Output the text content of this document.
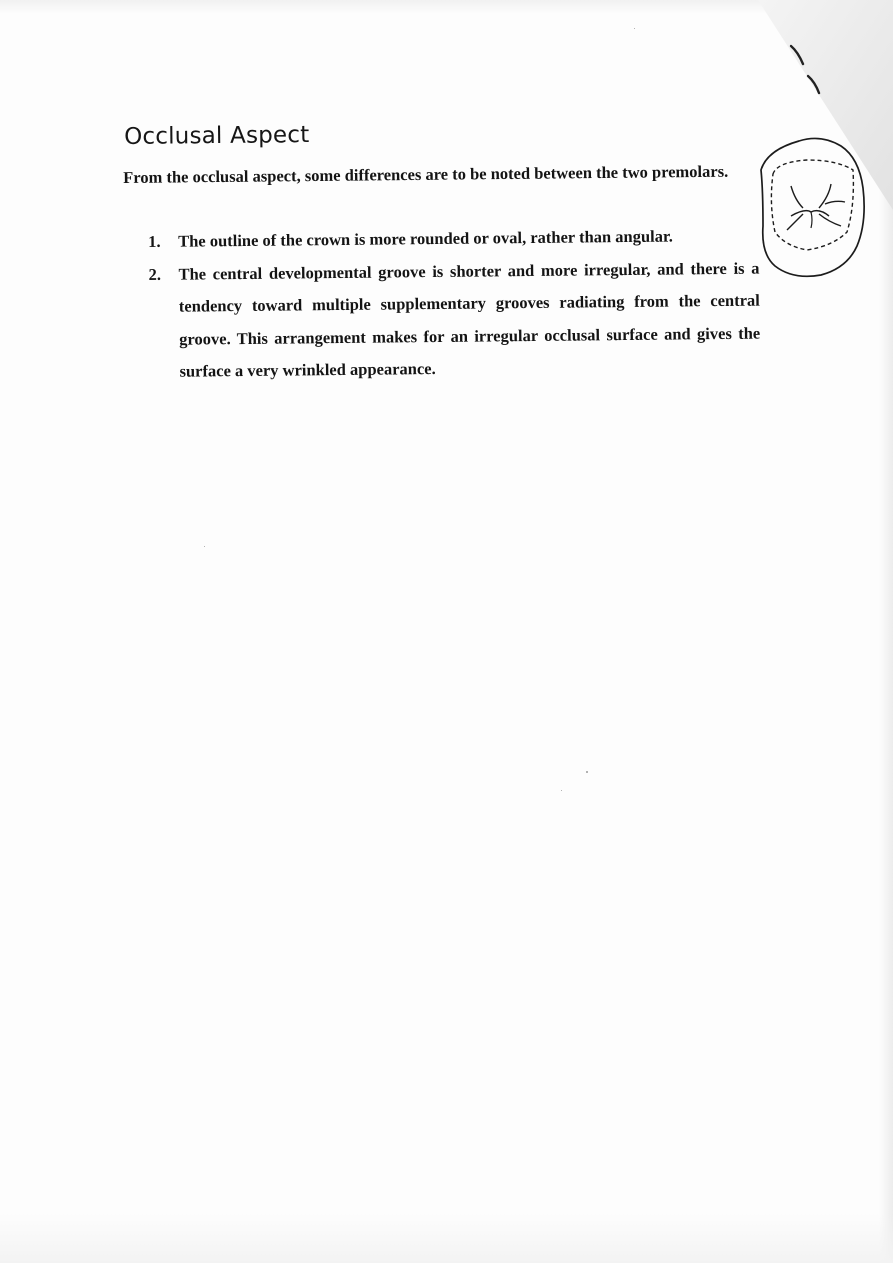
Occlusal Aspect

From the occlusal aspect, some differences are to be noted between the two premolars.

1.	The outline of the crown is more rounded or oval, rather than angular.
2.	The central developmental groove is shorter and more irregular, and there is a tendency toward multiple supplementary grooves radiating from the central groove. This arrangement makes for an irregular occlusal surface and gives the surface a very wrinkled appearance.
